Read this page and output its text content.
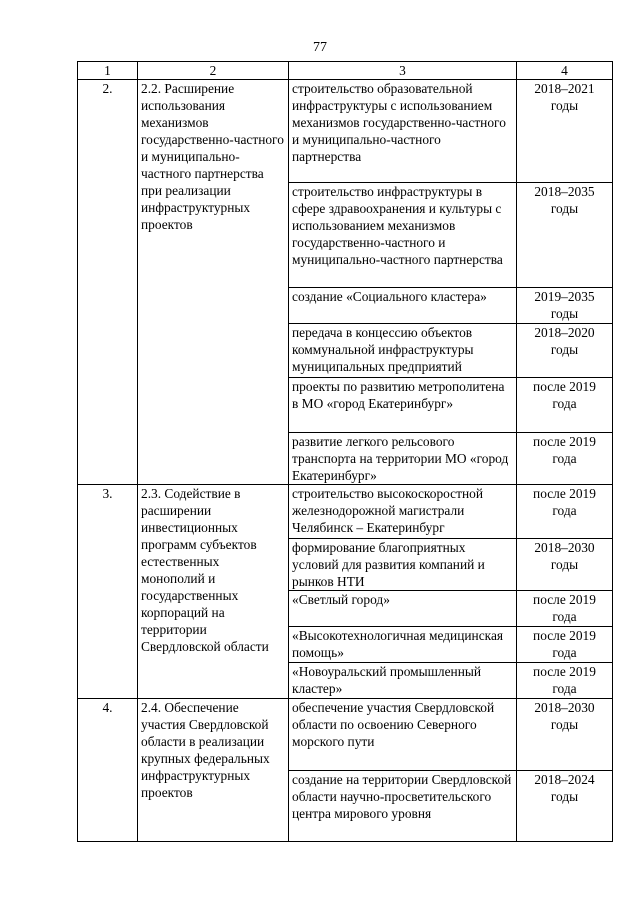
77
1	2	3	4
2.	2.2. Расширение использования механизмов государственно-частного и муниципально-частного партнерства при реализации инфраструктурных проектов	строительство образовательной инфраструктуры с использованием механизмов государственно-частного и муниципально-частного партнерства	2018–2021 годы
		строительство инфраструктуры в сфере здравоохранения и культуры с использованием механизмов государственно-частного и муниципально-частного партнерства	2018–2035 годы
		создание «Социального кластера»	2019–2035 годы
		передача в концессию объектов коммунальной инфраструктуры муниципальных предприятий	2018–2020 годы
		проекты по развитию метрополитена в МО «город Екатеринбург»	после 2019 года
		развитие легкого рельсового транспорта на территории МО «город Екатеринбург»	после 2019 года
3.	2.3. Содействие в расширении инвестиционных программ субъектов естественных монополий и государственных корпораций на территории Свердловской области	строительство высокоскоростной железнодорожной магистрали Челябинск – Екатеринбург	после 2019 года
		формирование благоприятных условий для развития компаний и рынков НТИ	2018–2030 годы
		«Светлый город»	после 2019 года
		«Высокотехнологичная медицинская помощь»	после 2019 года
		«Новоуральский промышленный кластер»	после 2019 года
4.	2.4. Обеспечение участия Свердловской области в реализации крупных федеральных инфраструктурных проектов	обеспечение участия Свердловской области по освоению Северного морского пути	2018–2030 годы
		создание на территории Свердловской области научно-просветительского центра мирового уровня	2018–2024 годы
